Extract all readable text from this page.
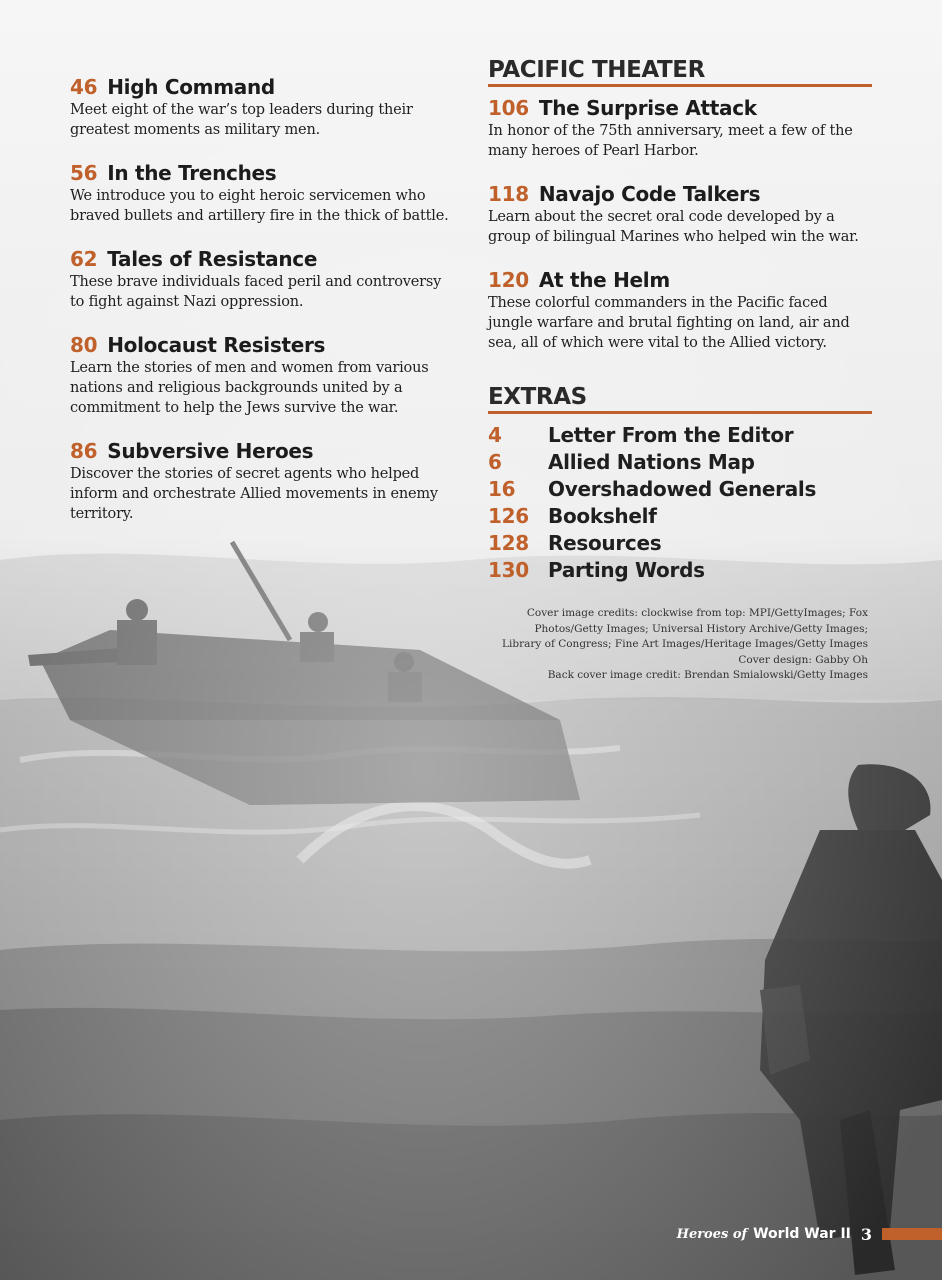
46 High Command
Meet eight of the war’s top leaders during their greatest moments as military men.
56 In the Trenches
We introduce you to eight heroic servicemen who braved bullets and artillery fire in the thick of battle.
62 Tales of Resistance
These brave individuals faced peril and controversy to fight against Nazi oppression.
80 Holocaust Resisters
Learn the stories of men and women from various nations and religious backgrounds united by a commitment to help the Jews survive the war.
86 Subversive Heroes
Discover the stories of secret agents who helped inform and orchestrate Allied movements in enemy territory.
PACIFIC THEATER
106 The Surprise Attack
In honor of the 75th anniversary, meet a few of the many heroes of Pearl Harbor.
118 Navajo Code Talkers
Learn about the secret oral code developed by a group of bilingual Marines who helped win the war.
120 At the Helm
These colorful commanders in the Pacific faced jungle warfare and brutal fighting on land, air and sea, all of which were vital to the Allied victory.
EXTRAS
4 Letter From the Editor
6 Allied Nations Map
16 Overshadowed Generals
126 Bookshelf
128 Resources
130 Parting Words
Cover image credits: clockwise from top: MPI/GettyImages; Fox
Photos/Getty Images; Universal History Archive/Getty Images;
Library of Congress; Fine Art Images/Heritage Images/Getty Images
Cover design: Gabby Oh
Back cover image credit: Brendan Smialowski/Getty Images
Heroes of World War II 3
